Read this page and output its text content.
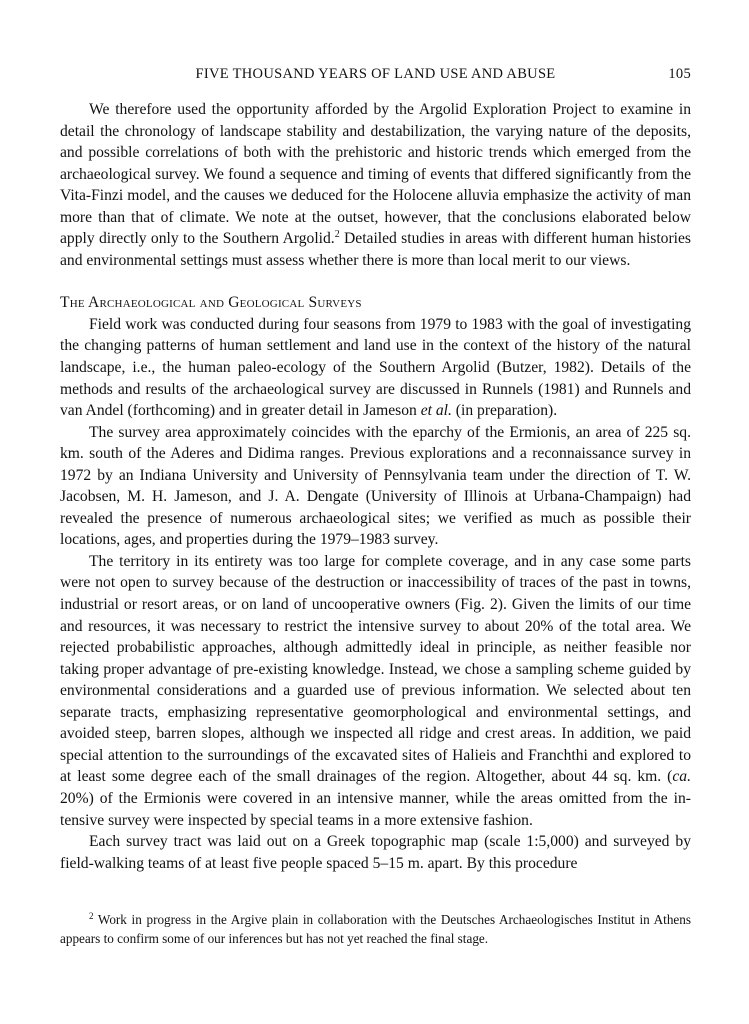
FIVE THOUSAND YEARS OF LAND USE AND ABUSE	105

We therefore used the opportunity afforded by the Argolid Exploration Project to examine in detail the chronology of landscape stability and destabilization, the varying nature of the deposits, and possible correlations of both with the prehistoric and historic trends which emerged from the archaeological survey. We found a sequence and timing of events that differed significantly from the Vita-Finzi model, and the causes we deduced for the Holocene alluvia emphasize the activity of man more than that of climate. We note at the outset, however, that the conclusions elaborated below apply directly only to the Southern Argolid.$^2$ Detailed studies in areas with different human histories and environmental settings must assess whether there is more than local merit to our views.

The Archaeological and Geological Surveys

Field work was conducted during four seasons from 1979 to 1983 with the goal of investigating the changing patterns of human settlement and land use in the context of the history of the natural landscape, i.e., the human paleo-ecology of the Southern Argolid (Butzer, 1982). Details of the methods and results of the archaeological survey are discussed in Runnels (1981) and Runnels and van Andel (forthcoming) and in greater detail in Jameson et al. (in preparation).

The survey area approximately coincides with the eparchy of the Ermionis, an area of 225 sq. km. south of the Aderes and Didima ranges. Previous explorations and a reconnaissance survey in 1972 by an Indiana University and University of Pennsylvania team under the direction of T. W. Jacobsen, M. H. Jameson, and J. A. Dengate (University of Illinois at Urbana-Champaign) had revealed the presence of numerous archaeological sites; we verified as much as possible their locations, ages, and properties during the 1979–1983 survey.

The territory in its entirety was too large for complete coverage, and in any case some parts were not open to survey because of the destruction or inaccessibility of traces of the past in towns, industrial or resort areas, or on land of uncooperative owners (Fig. 2). Given the limits of our time and resources, it was necessary to restrict the intensive survey to about 20% of the total area. We rejected probabilistic approaches, although admittedly ideal in principle, as neither feasible nor taking proper advantage of pre-existing knowledge. Instead, we chose a sampling scheme guided by environmental considerations and a guarded use of previous information. We selected about ten separate tracts, emphasizing representative geomorphological and environmental settings, and avoided steep, barren slopes, although we inspected all ridge and crest areas. In addition, we paid special attention to the surroundings of the excavated sites of Halieis and Franchthi and explored to at least some degree each of the small drainages of the region. Altogether, about 44 sq. km. (ca. 20%) of the Ermionis were covered in an intensive manner, while the areas omitted from the intensive survey were inspected by special teams in a more extensive fashion.

Each survey tract was laid out on a Greek topographic map (scale 1:5,000) and surveyed by field-walking teams of at least five people spaced 5–15 m. apart. By this procedure

$^2$ Work in progress in the Argive plain in collaboration with the Deutsches Archaeologisches Institut in Athens appears to confirm some of our inferences but has not yet reached the final stage.
